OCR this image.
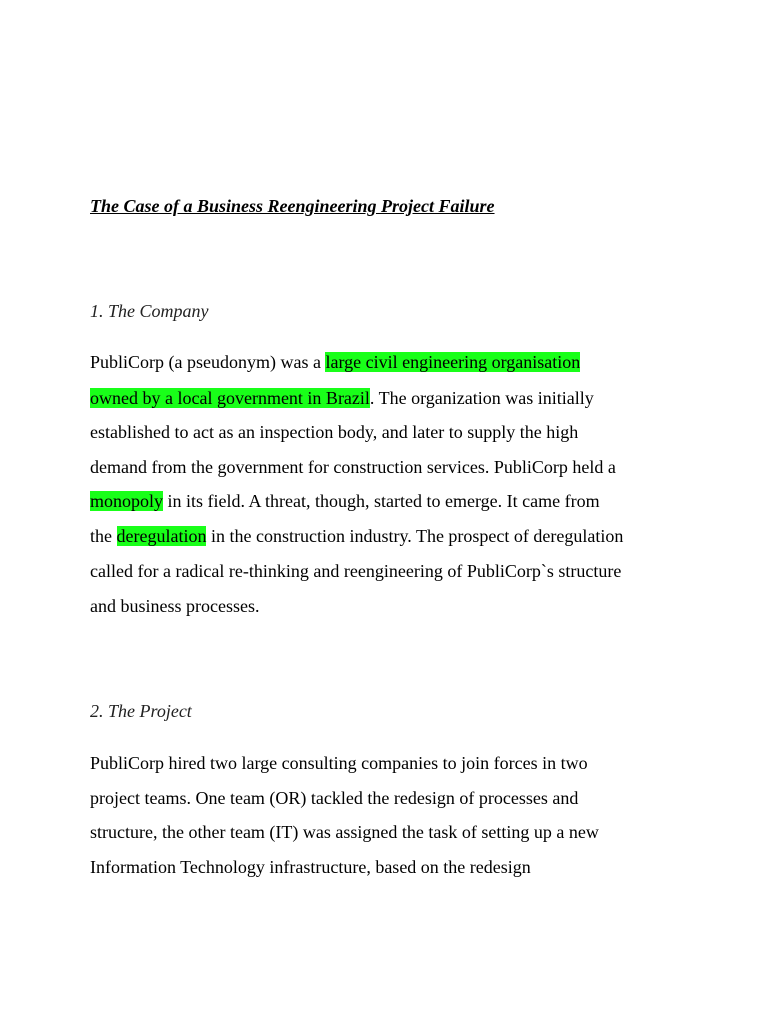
The Case of a Business Reengineering Project Failure
1. The Company
PubliCorp (a pseudonym) was a large civil engineering organisation
owned by a local government in Brazil. The organization was initially
established to act as an inspection body, and later to supply the high
demand from the government for construction services. PubliCorp held a
monopoly in its field. A threat, though, started to emerge. It came from
the deregulation in the construction industry. The prospect of deregulation
called for a radical re-thinking and reengineering of PubliCorp`s structure
and business processes.
2. The Project
PubliCorp hired two large consulting companies to join forces in two
project teams. One team (OR) tackled the redesign of processes and
structure, the other team (IT) was assigned the task of setting up a new
Information Technology infrastructure, based on the redesign
